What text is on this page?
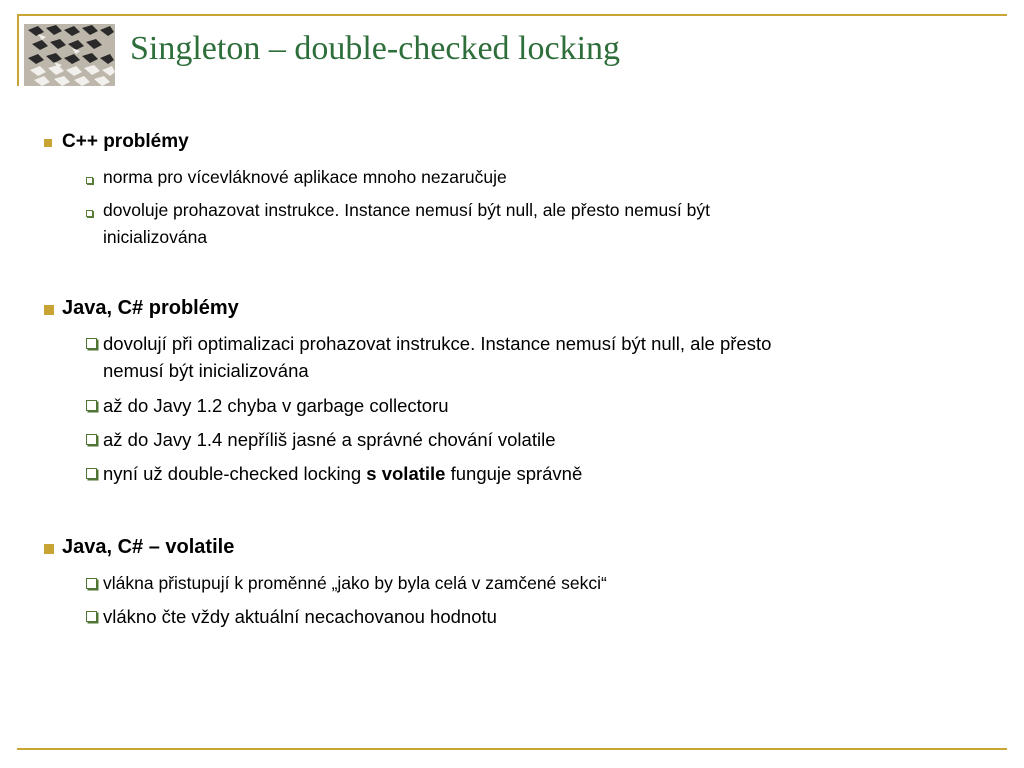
Singleton – double-checked locking
C++ problémy
norma pro vícevláknové aplikace mnoho nezaručuje
dovoluje prohazovat instrukce. Instance nemusí být null, ale přesto nemusí být
inicializována
Java, C# problémy
dovolují při optimalizaci prohazovat instrukce. Instance nemusí být null, ale přesto
nemusí být inicializována
až do Javy 1.2 chyba v garbage collectoru
až do Javy 1.4 nepříliš jasné a správné chování volatile
nyní už double-checked locking s volatile funguje správně
Java, C# – volatile
vlákna přistupují k proměnné „jako by byla celá v zamčené sekci“
vlákno čte vždy aktuální necachovanou hodnotu
